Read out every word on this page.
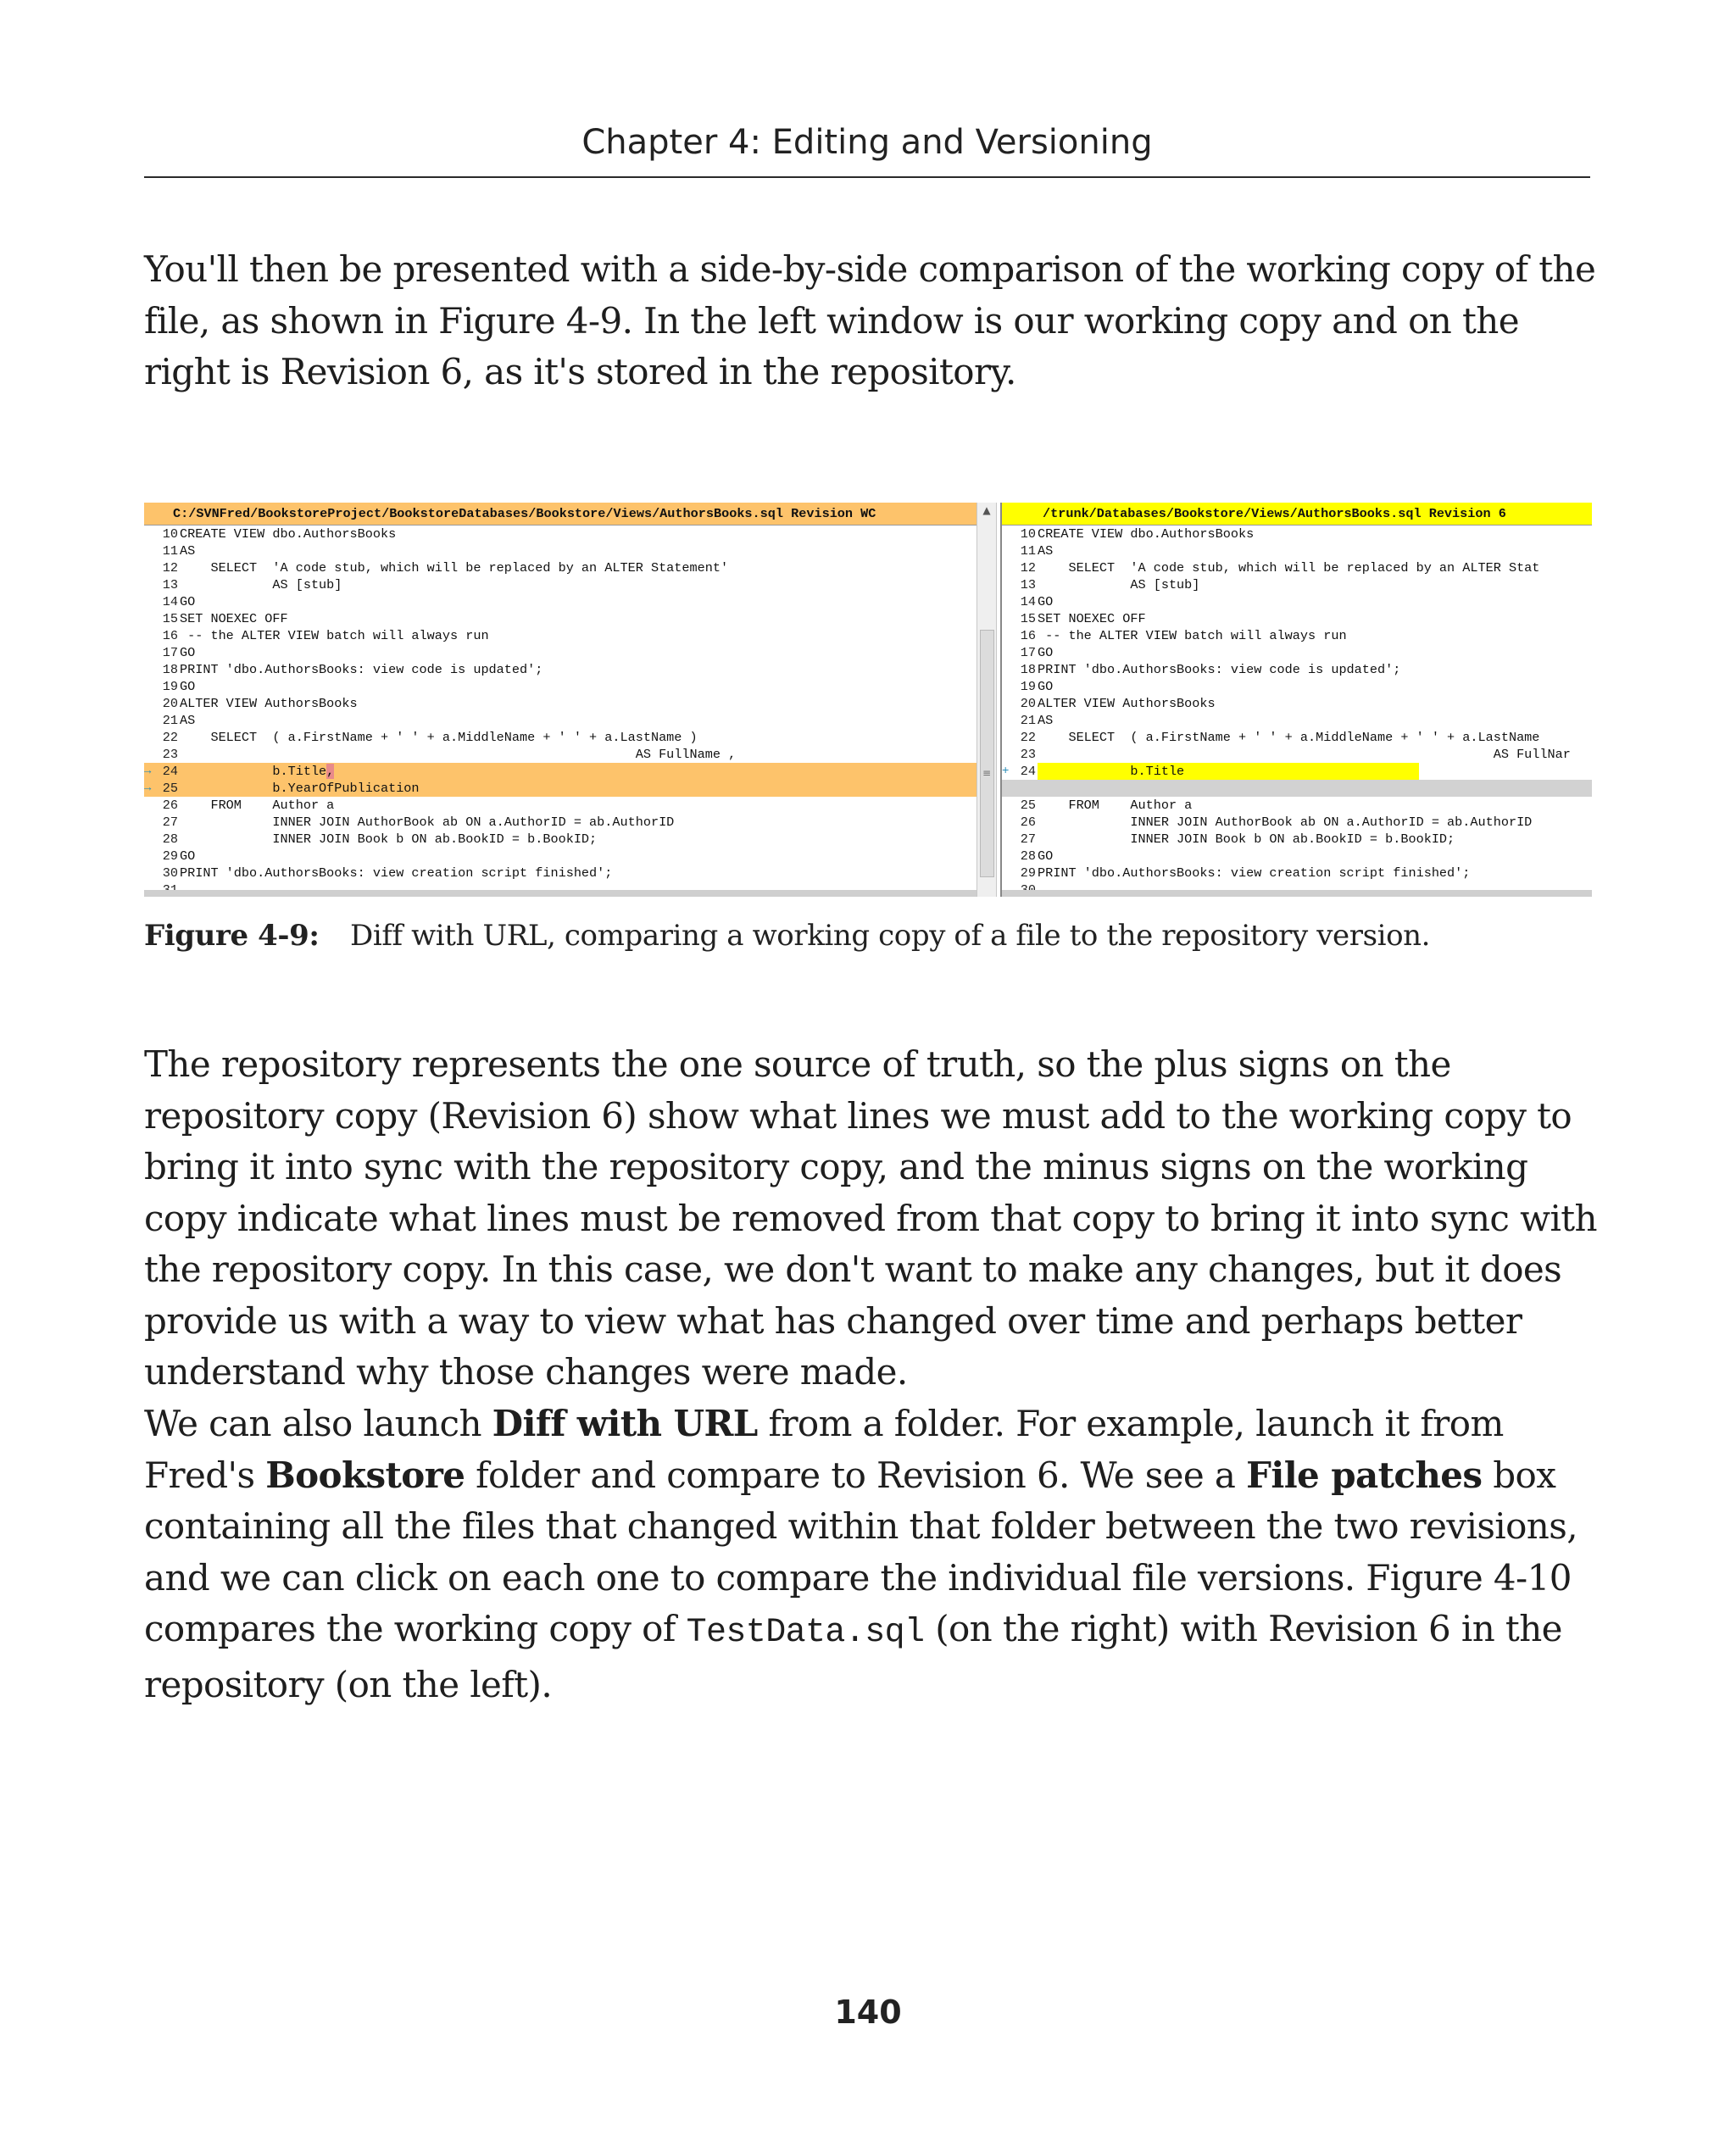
Chapter 4: Editing and Versioning
You'll then be presented with a side-by-side comparison of the working copy of the file, as shown in Figure 4-9. In the left window is our working copy and on the right is Revision 6, as it's stored in the repository.
C:/SVNFred/BookstoreProject/BookstoreDatabases/Bookstore/Views/AuthorsBooks.sql Revision WC
10 CREATE VIEW dbo.AuthorsBooks
11 AS
12    SELECT  'A code stub, which will be replaced by an ALTER Statement'
13            AS [stub]
14 GO
15 SET NOEXEC OFF
16 -- the ALTER VIEW batch will always run
17 GO
18 PRINT 'dbo.AuthorsBooks: view code is updated';
19 GO
20 ALTER VIEW AuthorsBooks
21 AS
22    SELECT  ( a.FirstName + ' ' + a.MiddleName + ' ' + a.LastName )
23                                                           AS FullName ,
→ 24            b.Title,
→ 25            b.YearOfPublication
26    FROM    Author a
27            INNER JOIN AuthorBook ab ON a.AuthorID = ab.AuthorID
28            INNER JOIN Book b ON ab.BookID = b.BookID;
29 GO
30 PRINT 'dbo.AuthorsBooks: view creation script finished';
▲
≡
/trunk/Databases/Bookstore/Views/AuthorsBooks.sql Revision 6
10 CREATE VIEW dbo.AuthorsBooks
11 AS
12    SELECT  'A code stub, which will be replaced by an ALTER Stat
13            AS [stub]
14 GO
15 SET NOEXEC OFF
16 -- the ALTER VIEW batch will always run
17 GO
18 PRINT 'dbo.AuthorsBooks: view code is updated';
19 GO
20 ALTER VIEW AuthorsBooks
21 AS
22    SELECT  ( a.FirstName + ' ' + a.MiddleName + ' ' + a.LastName
23                                                           AS FullNar
+ 24            b.Title
25    FROM    Author a
26            INNER JOIN AuthorBook ab ON a.AuthorID = ab.AuthorID
27            INNER JOIN Book b ON ab.BookID = b.BookID;
28 GO
29 PRINT 'dbo.AuthorsBooks: view creation script finished';
Figure 4-9: Diff with URL, comparing a working copy of a file to the repository version.
The repository represents the one source of truth, so the plus signs on the repository copy (Revision 6) show what lines we must add to the working copy to bring it into sync with the repository copy, and the minus signs on the working copy indicate what lines must be removed from that copy to bring it into sync with the repository copy. In this case, we don't want to make any changes, but it does provide us with a way to view what has changed over time and perhaps better understand why those changes were made.
We can also launch Diff with URL from a folder. For example, launch it from Fred's Bookstore folder and compare to Revision 6. We see a File patches box containing all the files that changed within that folder between the two revisions, and we can click on each one to compare the individual file versions. Figure 4-10 compares the working copy of TestData.sql (on the right) with Revision 6 in the repository (on the left).
140
